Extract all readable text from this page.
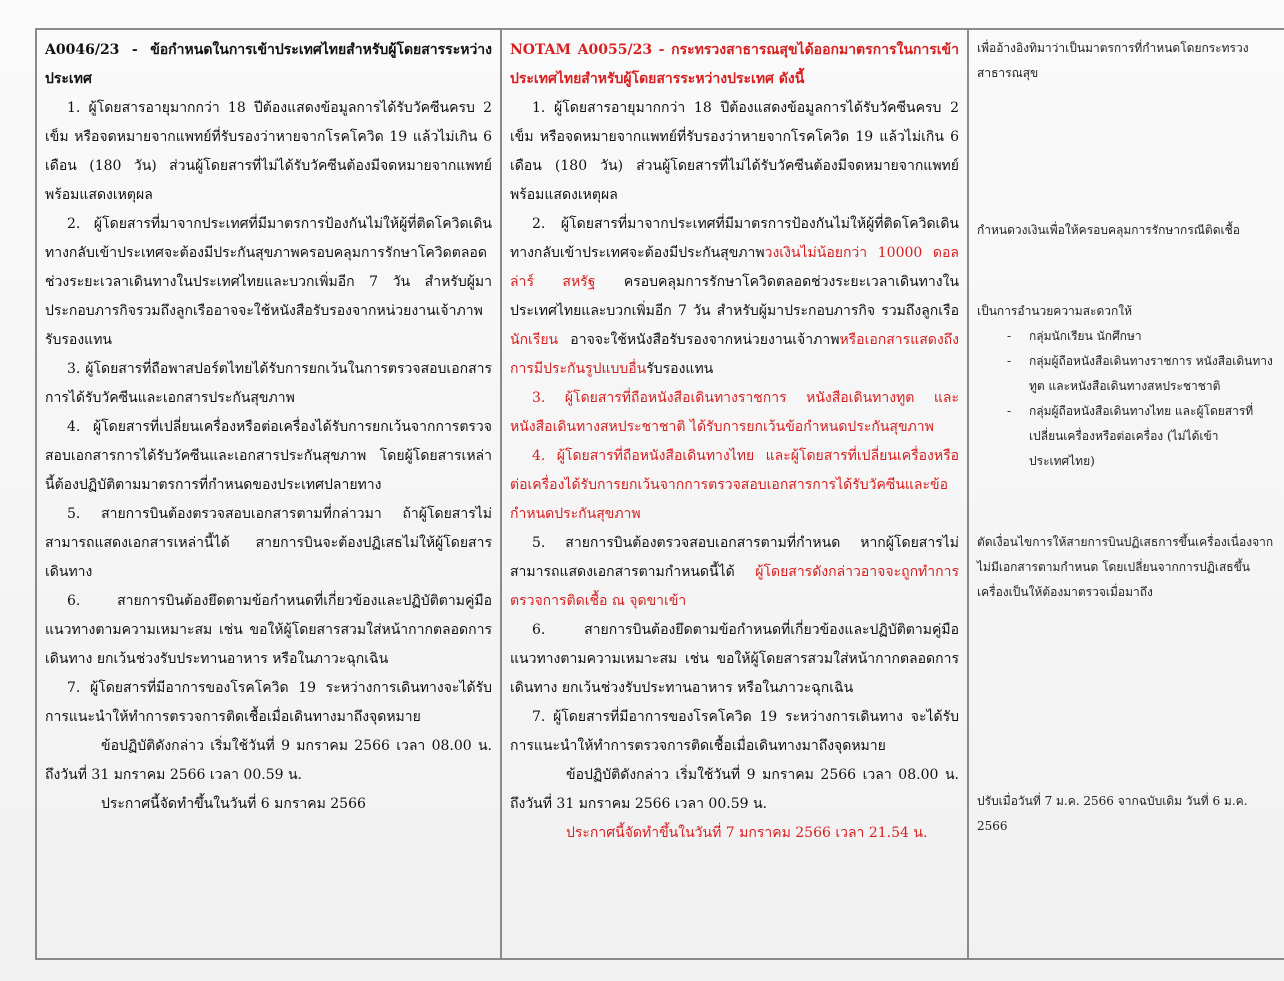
A0046/23 - ข้อกำหนดในการเข้าประเทศไทยสำหรับผู้โดยสารระหว่างประเทศ

1. ผู้โดยสารอายุมากกว่า 18 ปีต้องแสดงข้อมูลการได้รับวัคซีนครบ 2 เข็ม หรือจดหมายจากแพทย์ที่รับรองว่าหายจากโรคโควิด 19 แล้วไม่เกิน 6 เดือน (180 วัน) ส่วนผู้โดยสารที่ไม่ได้รับวัคซีนต้องมีจดหมายจากแพทย์พร้อมแสดงเหตุผล

2. ผู้โดยสารที่มาจากประเทศที่มีมาตรการป้องกันไม่ให้ผู้ที่ติดโควิดเดินทางกลับเข้าประเทศจะต้องมีประกันสุขภาพครอบคลุมการรักษาโควิดตลอดช่วงระยะเวลาเดินทางในประเทศไทยและบวกเพิ่มอีก 7 วัน สำหรับผู้มาประกอบภารกิจรวมถึงลูกเรืออาจจะใช้หนังสือรับรองจากหน่วยงานเจ้าภาพรับรองแทน

3. ผู้โดยสารที่ถือพาสปอร์ตไทยได้รับการยกเว้นในการตรวจสอบเอกสารการได้รับวัคซีนและเอกสารประกันสุขภาพ

4. ผู้โดยสารที่เปลี่ยนเครื่องหรือต่อเครื่องได้รับการยกเว้นจากการตรวจสอบเอกสารการได้รับวัคซีนและเอกสารประกันสุขภาพ โดยผู้โดยสารเหล่านี้ต้องปฏิบัติตามมาตรการที่กำหนดของประเทศปลายทาง

5. สายการบินต้องตรวจสอบเอกสารตามที่กล่าวมา ถ้าผู้โดยสารไม่สามารถแสดงเอกสารเหล่านี้ได้ สายการบินจะต้องปฏิเสธไม่ให้ผู้โดยสารเดินทาง

6. สายการบินต้องยึดตามข้อกำหนดที่เกี่ยวข้องและปฏิบัติตามคู่มือแนวทางตามความเหมาะสม เช่น ขอให้ผู้โดยสารสวมใส่หน้ากากตลอดการเดินทาง ยกเว้นช่วงรับประทานอาหาร หรือในภาวะฉุกเฉิน

7. ผู้โดยสารที่มีอาการของโรคโควิด 19 ระหว่างการเดินทางจะได้รับการแนะนำให้ทำการตรวจการติดเชื้อเมื่อเดินทางมาถึงจุดหมาย

ข้อปฏิบัติดังกล่าว เริ่มใช้วันที่ 9 มกราคม 2566 เวลา 08.00 น. ถึงวันที่ 31 มกราคม 2566 เวลา 00.59 น.

ประกาศนี้จัดทำขึ้นในวันที่ 6 มกราคม 2566

NOTAM A0055/23 - กระทรวงสาธารณสุขได้ออกมาตรการในการเข้าประเทศไทยสำหรับผู้โดยสารระหว่างประเทศ ดังนี้

1. ผู้โดยสารอายุมากกว่า 18 ปีต้องแสดงข้อมูลการได้รับวัคซีนครบ 2 เข็ม หรือจดหมายจากแพทย์ที่รับรองว่าหายจากโรคโควิด 19 แล้วไม่เกิน 6 เดือน (180 วัน) ส่วนผู้โดยสารที่ไม่ได้รับวัคซีนต้องมีจดหมายจากแพทย์พร้อมแสดงเหตุผล

2. ผู้โดยสารที่มาจากประเทศที่มีมาตรการป้องกันไม่ให้ผู้ที่ติดโควิดเดินทางกลับเข้าประเทศจะต้องมีประกันสุขภาพวงเงินไม่น้อยกว่า 10000 ดอลล่าร์ สหรัฐ ครอบคลุมการรักษาโควิดตลอดช่วงระยะเวลาเดินทางในประเทศไทยและบวกเพิ่มอีก 7 วัน สำหรับผู้มาประกอบภารกิจ รวมถึงลูกเรือ นักเรียน อาจจะใช้หนังสือรับรองจากหน่วยงานเจ้าภาพหรือเอกสารแสดงถึงการมีประกันรูปแบบอื่นรับรองแทน

3. ผู้โดยสารที่ถือหนังสือเดินทางราชการ หนังสือเดินทางทูต และหนังสือเดินทางสหประชาชาติ ได้รับการยกเว้นข้อกำหนดประกันสุขภาพ

4. ผู้โดยสารที่ถือหนังสือเดินทางไทย และผู้โดยสารที่เปลี่ยนเครื่องหรือต่อเครื่องได้รับการยกเว้นจากการตรวจสอบเอกสารการได้รับวัคซีนและข้อกำหนดประกันสุขภาพ

5. สายการบินต้องตรวจสอบเอกสารตามที่กำหนด หากผู้โดยสารไม่สามารถแสดงเอกสารตามกำหนดนี้ได้ ผู้โดยสารดังกล่าวอาจจะถูกทำการตรวจการติดเชื้อ ณ จุดขาเข้า

6. สายการบินต้องยึดตามข้อกำหนดที่เกี่ยวข้องและปฏิบัติตามคู่มือแนวทางตามความเหมาะสม เช่น ขอให้ผู้โดยสารสวมใส่หน้ากากตลอดการเดินทาง ยกเว้นช่วงรับประทานอาหาร หรือในภาวะฉุกเฉิน

7. ผู้โดยสารที่มีอาการของโรคโควิด 19 ระหว่างการเดินทาง จะได้รับการแนะนำให้ทำการตรวจการติดเชื้อเมื่อเดินทางมาถึงจุดหมาย

ข้อปฏิบัติดังกล่าว เริ่มใช้วันที่ 9 มกราคม 2566 เวลา 08.00 น. ถึงวันที่ 31 มกราคม 2566 เวลา 00.59 น.

ประกาศนี้จัดทำขึ้นในวันที่ 7 มกราคม 2566 เวลา 21.54 น.

เพื่ออ้างอิงทิมาว่าเป็นมาตรการที่กำหนดโดยกระทรวงสาธารณสุข

กำหนดวงเงินเพื่อให้ครอบคลุมการรักษากรณีติดเชื้อ

เป็นการอำนวยความสะดวกให้

- กลุ่มนักเรียน นักศึกษา
- กลุ่มผู้ถือหนังสือเดินทางราชการ หนังสือเดินทางทูต และหนังสือเดินทางสหประชาชาติ
- กลุ่มผู้ถือหนังสือเดินทางไทย และผู้โดยสารที่เปลี่ยนเครื่องหรือต่อเครื่อง (ไม่ได้เข้าประเทศไทย)

ตัดเงื่อนไขการให้สายการบินปฏิเสธการขึ้นเครื่องเนื่องจากไม่มีเอกสารตามกำหนด โดยเปลี่ยนจากการปฏิเสธขึ้นเครื่องเป็นให้ต้องมาตรวจเมื่อมาถึง

ปรับเมื่อวันที่ 7 ม.ค. 2566 จากฉบับเดิม วันที่ 6 ม.ค. 2566
